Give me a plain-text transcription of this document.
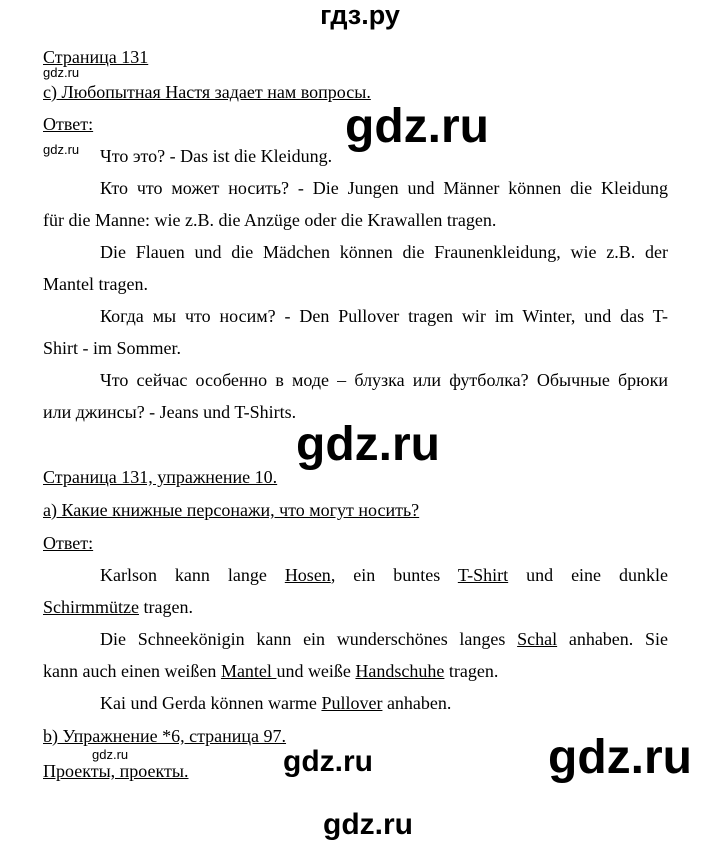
гдз.ру
gdz.ru
gdz.ru
gdz.ru	gdz.ru
gdz.ru
gdz.ru
gdz.ru
gdz.ru
Страница 131
с) Любопытная Настя задает нам вопросы.
Ответ:
Что это? - Das ist die Kleidung.
Кто что может носить? - Die Jungen und Männer können die Kleidung
für die Manne: wie z.B. die Anzüge oder die Krawallen tragen.
Die Flauen und die Mädchen können die Fraunenkleidung, wie z.B. der
Mantel tragen.
Когда мы что носим? - Den Pullover tragen wir im Winter, und das T-
Shirt - im Sommer.
Что сейчас особенно в моде – блузка или футболка? Обычные брюки
или джинсы? - Jeans und T-Shirts.
Страница 131, упражнение 10.
а) Какие книжные персонажи, что могут носить?
Ответ:
Karlson kann lange Hosen, ein buntes T-Shirt und eine dunkle
Schirmmütze tragen.
Die Schneekönigin kann ein wunderschönes langes Schal anhaben. Sie
kann auch einen weißen Mantel und weiße Handschuhe tragen.
Kai und Gerda können warme Pullover anhaben.
b) Упражнение *6, страница 97.
Проекты, проекты.
